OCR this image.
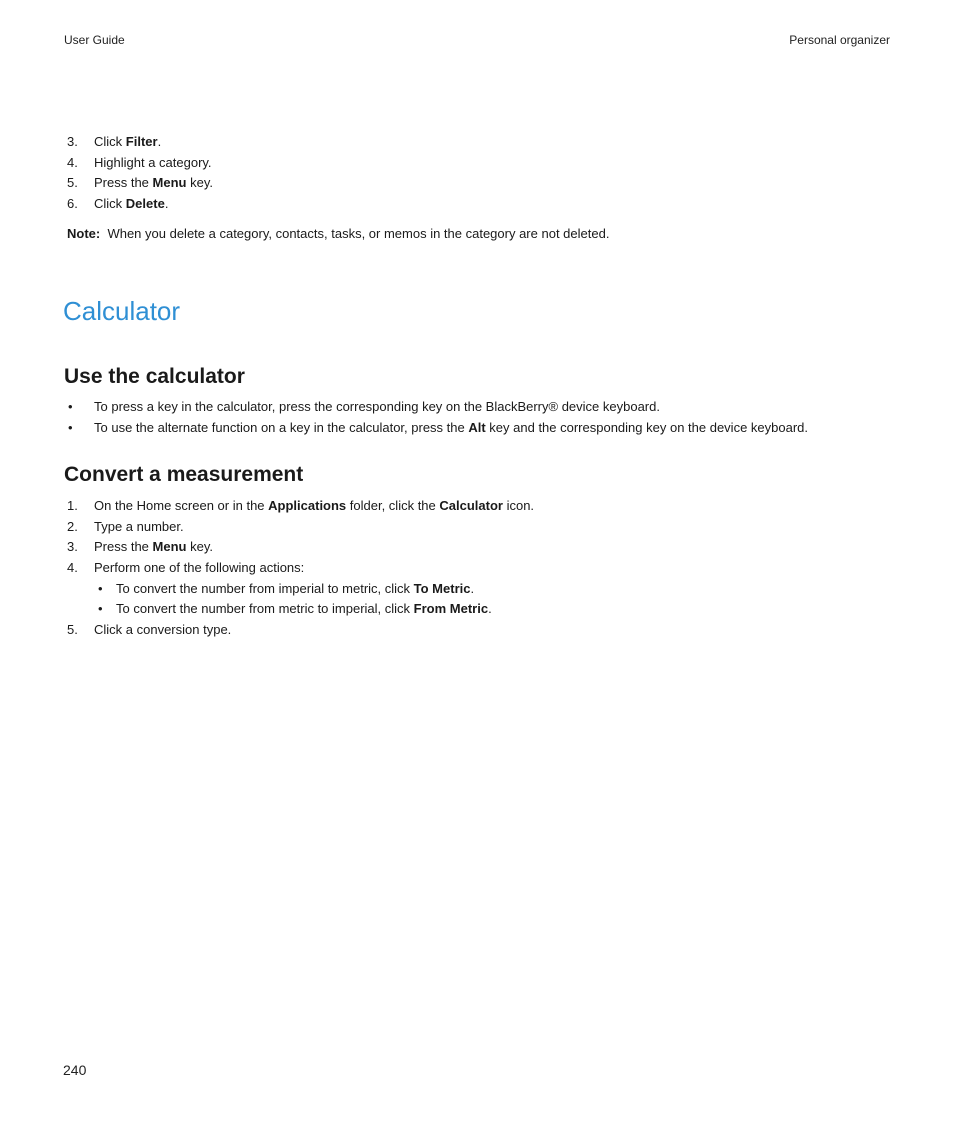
User Guide	Personal organizer
3. Click Filter.
4. Highlight a category.
5. Press the Menu key.
6. Click Delete.
Note: When you delete a category, contacts, tasks, or memos in the category are not deleted.
Calculator
Use the calculator
• To press a key in the calculator, press the corresponding key on the BlackBerry® device keyboard.
• To use the alternate function on a key in the calculator, press the Alt key and the corresponding key on the device keyboard.
Convert a measurement
1. On the Home screen or in the Applications folder, click the Calculator icon.
2. Type a number.
3. Press the Menu key.
4. Perform one of the following actions:
• To convert the number from imperial to metric, click To Metric.
• To convert the number from metric to imperial, click From Metric.
5. Click a conversion type.
240
